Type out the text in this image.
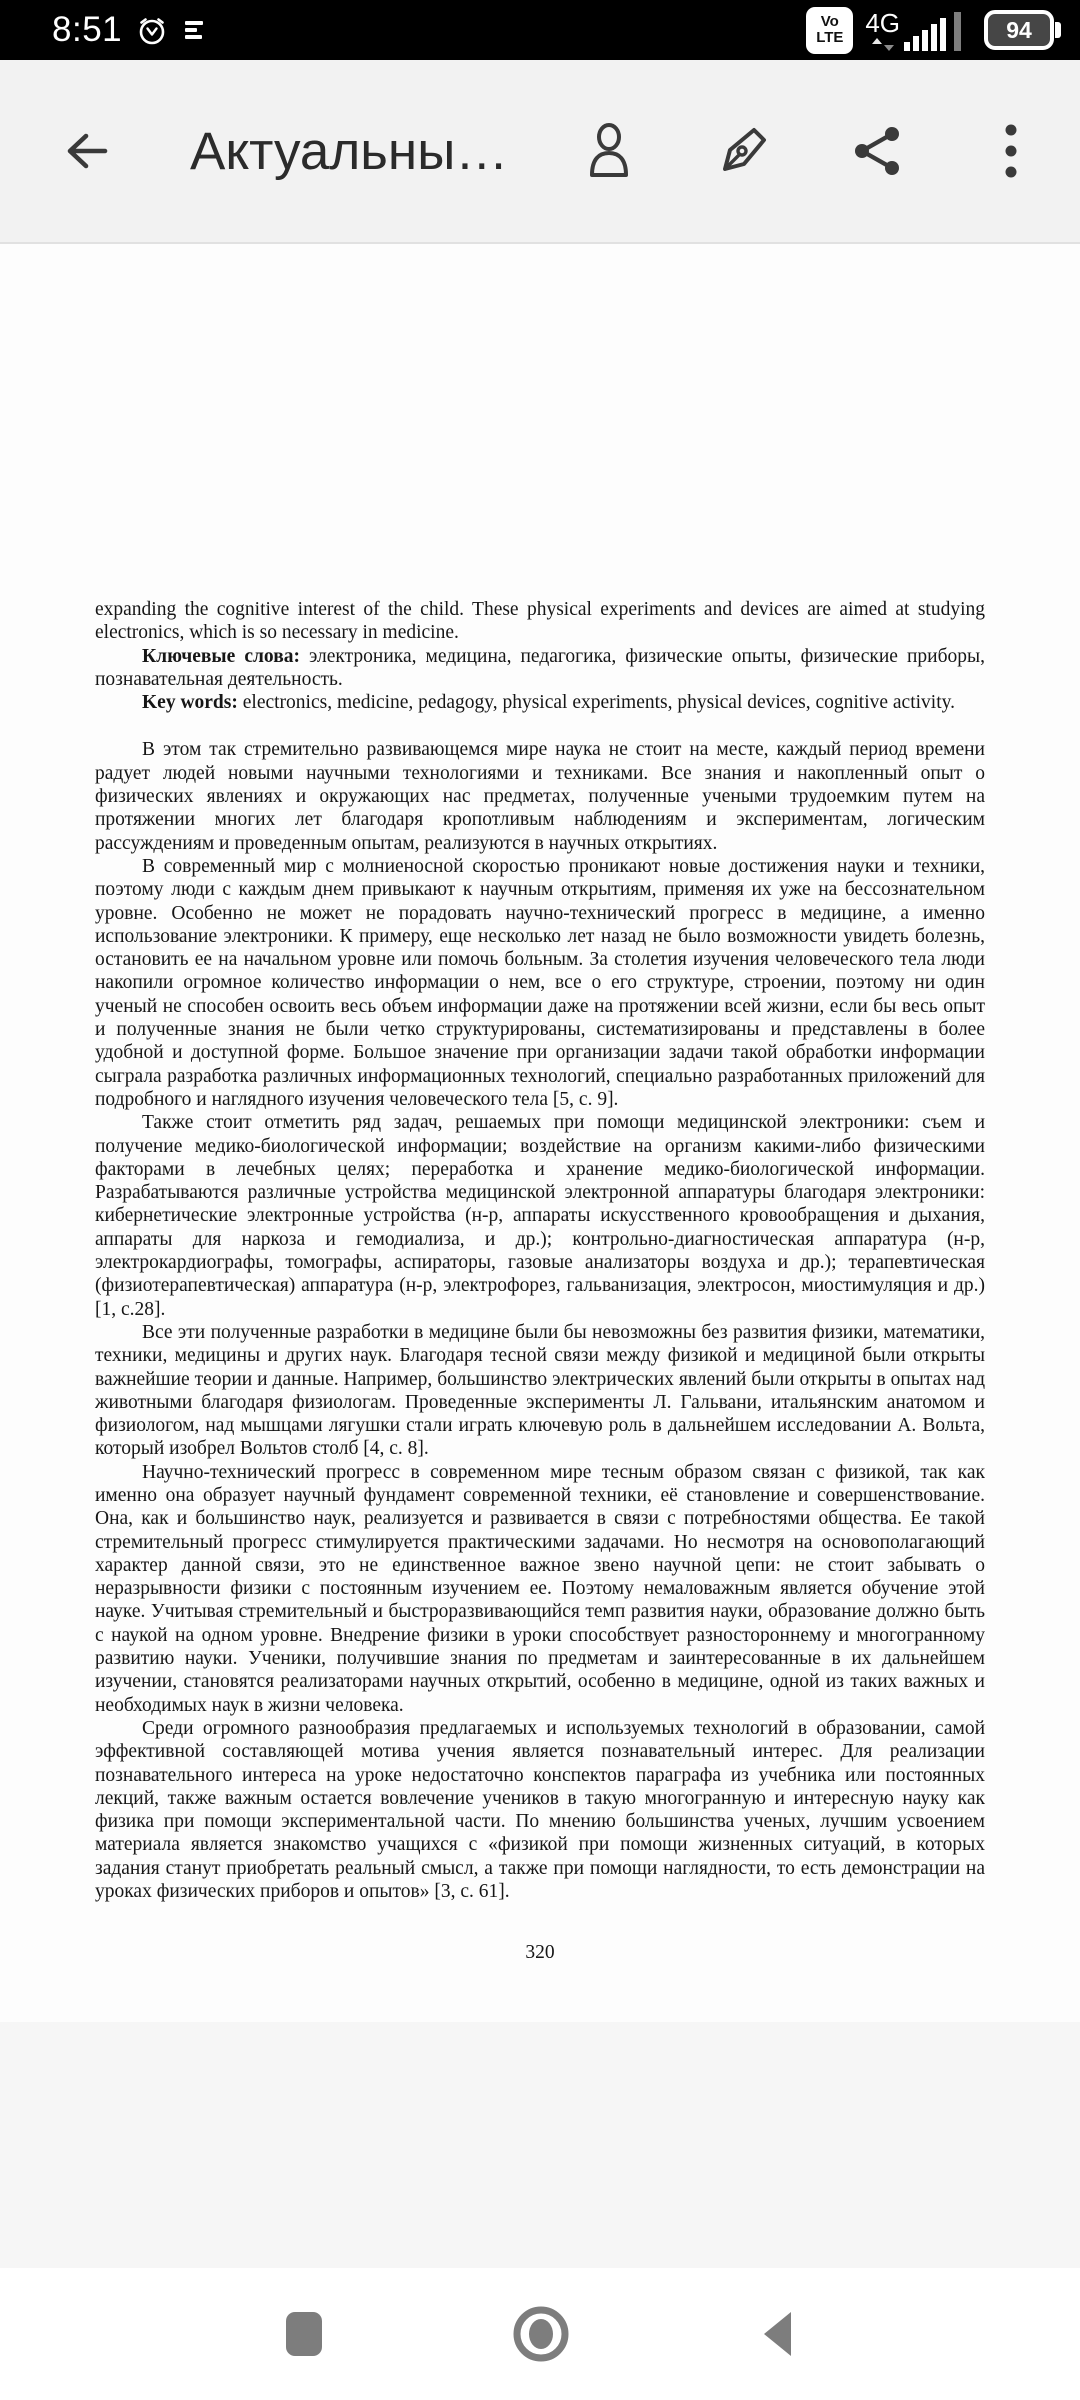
8:51	Vo
LTE 4G	94
Актуальны…

expanding the cognitive interest of the child. These physical experiments and devices are aimed at studying electronics, which is so necessary in medicine.

Ключевые слова: электроника, медицина, педагогика, физические опыты, физические приборы, познавательная деятельность.

Key words: electronics, medicine, pedagogy, physical experiments, physical devices, cognitive activity.

В этом так стремительно развивающемся мире наука не стоит на месте, каждый период времени радует людей новыми научными технологиями и техниками. Все знания и накопленный опыт о физических явлениях и окружающих нас предметах, полученные учеными трудоемким путем на протяжении многих лет благодаря кропотливым наблюдениям и экспериментам, логическим рассуждениям и проведенным опытам, реализуются в научных открытиях.

В современный мир с молниеносной скоростью проникают новые достижения науки и техники, поэтому люди с каждым днем привыкают к научным открытиям, применяя их уже на бессознательном уровне. Особенно не может не порадовать научно-технический прогресс в медицине, а именно использование электроники. К примеру, еще несколько лет назад не было возможности увидеть болезнь, остановить ее на начальном уровне или помочь больным. За столетия изучения человеческого тела люди накопили огромное количество информации о нем, все о его структуре, строении, поэтому ни один ученый не способен освоить весь объем информации даже на протяжении всей жизни, если бы весь опыт и полученные знания не были четко структурированы, систематизированы и представлены в более удобной и доступной форме. Большое значение при организации задачи такой обработки информации сыграла разработка различных информационных технологий, специально разработанных приложений для подробного и наглядного изучения человеческого тела [5, с. 9].

Также стоит отметить ряд задач, решаемых при помощи медицинской электроники: съем и получение медико-биологической информации; воздействие на организм какими-либо физическими факторами в лечебных целях; переработка и хранение медико-биологической информации. Разрабатываются различные устройства медицинской электронной аппаратуры благодаря электроники: кибернетические электронные устройства (н-р, аппараты искусственного кровообращения и дыхания, аппараты для наркоза и гемодиализа, и др.); контрольно-диагностическая аппаратура (н-р, электрокардиографы, томографы, аспираторы, газовые анализаторы воздуха и др.); терапевтическая (физиотерапевтическая) аппаратура (н-р, электрофорез, гальванизация, электросон, миостимуляция и др.) [1, с.28].

Все эти полученные разработки в медицине были бы невозможны без развития физики, математики, техники, медицины и других наук. Благодаря тесной связи между физикой и медициной были открыты важнейшие теории и данные. Например, большинство электрических явлений были открыты в опытах над животными благодаря физиологам. Проведенные эксперименты Л. Гальвани, итальянским анатомом и физиологом, над мышцами лягушки стали играть ключевую роль в дальнейшем исследовании А. Вольта, который изобрел Вольтов столб [4, с. 8].

Научно-технический прогресс в современном мире тесным образом связан с физикой, так как именно она образует научный фундамент современной техники, её становление и совершенствование. Она, как и большинство наук, реализуется и развивается в связи с потребностями общества. Ее такой стремительный прогресс стимулируется практическими задачами. Но несмотря на основополагающий характер данной связи, это не единственное важное звено научной цепи: не стоит забывать о неразрывности физики с постоянным изучением ее. Поэтому немаловажным является обучение этой науке. Учитывая стремительный и быстроразвивающийся темп развития науки, образование должно быть с наукой на одном уровне. Внедрение физики в уроки способствует разностороннему и многогранному развитию науки. Ученики, получившие знания по предметам и заинтересованные в их дальнейшем изучении, становятся реализаторами научных открытий, особенно в медицине, одной из таких важных и необходимых наук в жизни человека.

Среди огромного разнообразия предлагаемых и используемых технологий в образовании, самой эффективной составляющей мотива учения является познавательный интерес. Для реализации познавательного интереса на уроке недостаточно конспектов параграфа из учебника или постоянных лекций, также важным остается вовлечение учеников в такую многогранную и интересную науку как физика при помощи экспериментальной части. По мнению большинства ученых, лучшим усвоением материала является знакомство учащихся с «физикой при помощи жизненных ситуаций, в которых задания станут приобретать реальный смысл, а также при помощи наглядности, то есть демонстрации на уроках физических приборов и опытов» [3, с. 61].

320
